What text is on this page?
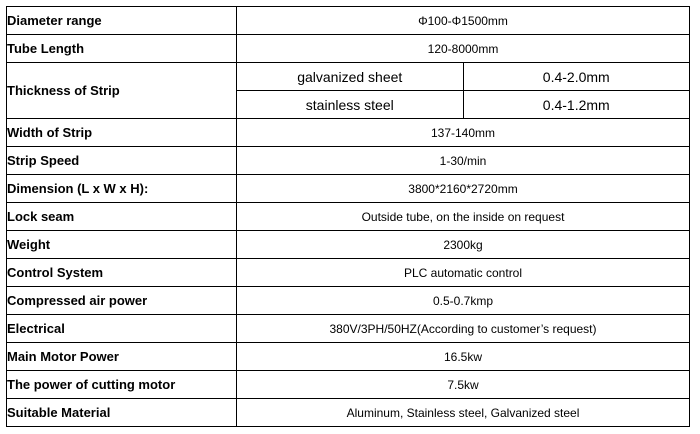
Diameter range	Φ100-Φ1500mm	
Tube Length	120-8000mm	
Thickness of Strip	galvanized sheet	0.4-2.0mm
	stainless steel	0.4-1.2mm
Width of Strip	137-140mm	
Strip Speed	1-30/min	
Dimension (L x W x H):	3800*2160*2720mm	
Lock seam	Outside tube, on the inside on request	
Weight	2300kg	
Control System	PLC automatic control	
Compressed air power	0.5-0.7kmp	
Electrical	380V/3PH/50HZ(According to customer’s request)	
Main Motor Power	16.5kw	
The power of cutting motor	7.5kw	
Suitable Material	Aluminum, Stainless steel, Galvanized steel	
